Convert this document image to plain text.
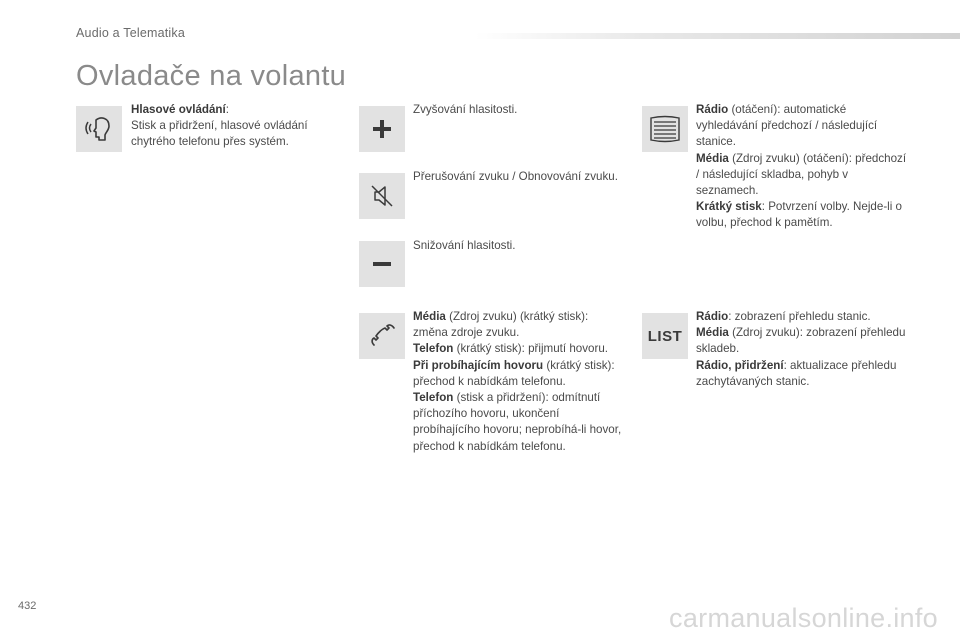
Audio a Telematika
Ovladače na volantu
Hlasové ovládání:
Stisk a přidržení, hlasové ovládání chytrého telefonu přes systém.
Zvyšování hlasitosti.
Přerušování zvuku / Obnovování zvuku.
Snižování hlasitosti.
Média (Zdroj zvuku) (krátký stisk): změna zdroje zvuku.
Telefon (krátký stisk): přijmutí hovoru.
Při probíhajícím hovoru (krátký stisk): přechod k nabídkám telefonu.
Telefon (stisk a přidržení): odmítnutí příchozího hovoru, ukončení probíhajícího hovoru; neprobíhá-li hovor, přechod k nabídkám telefonu.
Rádio (otáčení): automatické vyhledávání předchozí / následující stanice.
Média (Zdroj zvuku) (otáčení): předchozí / následující skladba, pohyb v seznamech.
Krátký stisk: Potvrzení volby. Nejde-li o volbu, přechod k pamětím.
LIST
Rádio: zobrazení přehledu stanic.
Média (Zdroj zvuku): zobrazení přehledu skladeb.
Rádio, přidržení: aktualizace přehledu zachytávaných stanic.
432	carmanualsonline.info
